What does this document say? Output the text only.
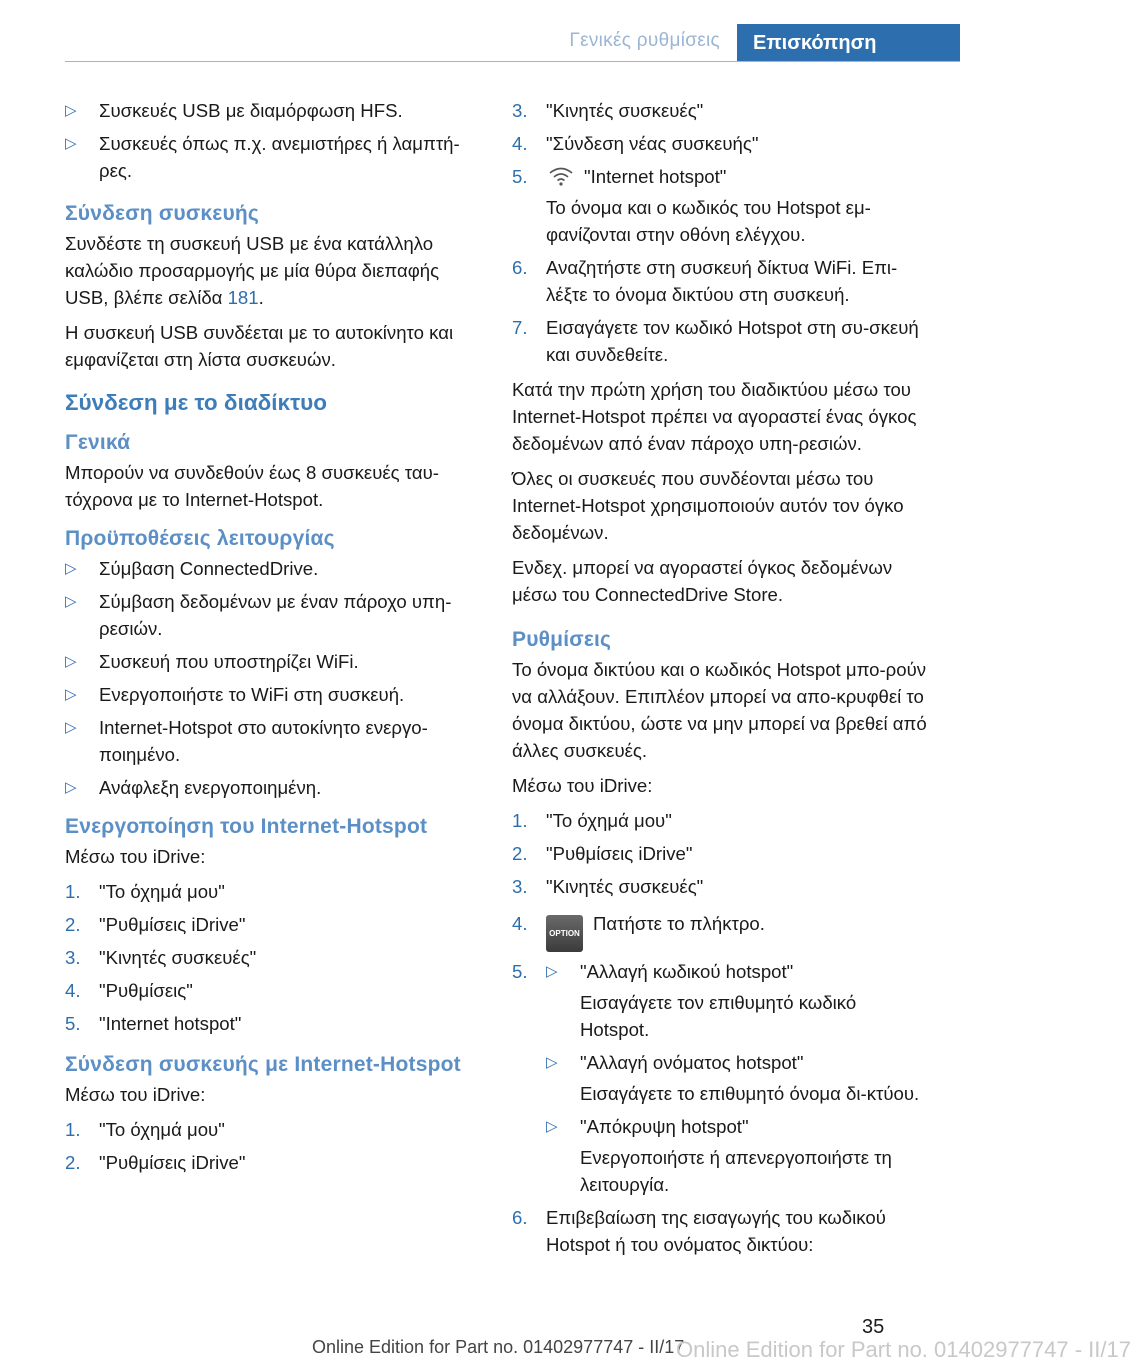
Γενικές ρυθμίσεις	Επισκόπηση
▷ Συσκευές USB με διαμόρφωση HFS.
▷ Συσκευές όπως π.χ. ανεμιστήρες ή λαμπτή-ρες.
Σύνδεση συσκευής

Συνδέστε τη συσκευή USB με ένα κατάλληλο καλώδιο προσαρμογής με μία θύρα διεπαφής USB, βλέπε σελίδα 181.

Η συσκευή USB συνδέεται με το αυτοκίνητο και εμφανίζεται στη λίστα συσκευών.

Σύνδεση με το διαδίκτυο
Γενικά

Μπορούν να συνδεθούν έως 8 συσκευές ταυ-τόχρονα με το Internet-Hotspot.

Προϋποθέσεις λειτουργίας
▷ Σύμβαση ConnectedDrive.
▷ Σύμβαση δεδομένων με έναν πάροχο υπη-ρεσιών.
▷ Συσκευή που υποστηρίζει WiFi.
▷ Ενεργοποιήστε το WiFi στη συσκευή.
▷ Internet-Hotspot στο αυτοκίνητο ενεργο-ποιημένο.
▷ Ανάφλεξη ενεργοποιημένη.
Ενεργοποίηση του Internet-Hotspot

Μέσω του iDrive:

1. "Το όχημά μου"
2. "Ρυθμίσεις iDrive"
3. "Κινητές συσκευές"
4. "Ρυθμίσεις"
5. "Internet hotspot"
Σύνδεση συσκευής με Internet-Hotspot

Μέσω του iDrive:

1. "Το όχημά μου"
2. "Ρυθμίσεις iDrive"
3. "Κινητές συσκευές"
4. "Σύνδεση νέας συσκευής"
5.	"Internet hotspot"
Το όνομα και ο κωδικός του Hotspot εμ-φανίζονται στην οθόνη ελέγχου.
6. Αναζητήστε στη συσκευή δίκτυα WiFi. Επι-λέξτε το όνομα δικτύου στη συσκευή.
7. Εισαγάγετε τον κωδικό Hotspot στη συ-σκευή και συνδεθείτε.

Κατά την πρώτη χρήση του διαδικτύου μέσω του Internet-Hotspot πρέπει να αγοραστεί ένας όγκος δεδομένων από έναν πάροχο υπη-ρεσιών.

Όλες οι συσκευές που συνδέονται μέσω του Internet-Hotspot χρησιμοποιούν αυτόν τον όγκο δεδομένων.

Ενδεχ. μπορεί να αγοραστεί όγκος δεδομένων μέσω του ConnectedDrive Store.

Ρυθμίσεις

Το όνομα δικτύου και ο κωδικός Hotspot μπο-ρούν να αλλάξουν. Επιπλέον μπορεί να απο-κρυφθεί το όνομα δικτύου, ώστε να μην μπορεί να βρεθεί από άλλες συσκευές.

Μέσω του iDrive:

1. "Το όχημά μου"
2. "Ρυθμίσεις iDrive"
3. "Κινητές συσκευές"
4.	OPTION Πατήστε το πλήκτρο.
5. ▷ "Αλλαγή κωδικού hotspot"
Εισαγάγετε τον επιθυμητό κωδικό Hotspot.
▷ "Αλλαγή ονόματος hotspot"
Εισαγάγετε το επιθυμητό όνομα δι-κτύου.
▷ "Απόκρυψη hotspot"
Ενεργοποιήστε ή απενεργοποιήστε τη λειτουργία.
6. Επιβεβαίωση της εισαγωγής του κωδικού Hotspot ή του ονόματος δικτύου:
35
Online Edition for Part no. 01402977747 - II/17
Online Edition for Part no. 01402977747 - II/17
